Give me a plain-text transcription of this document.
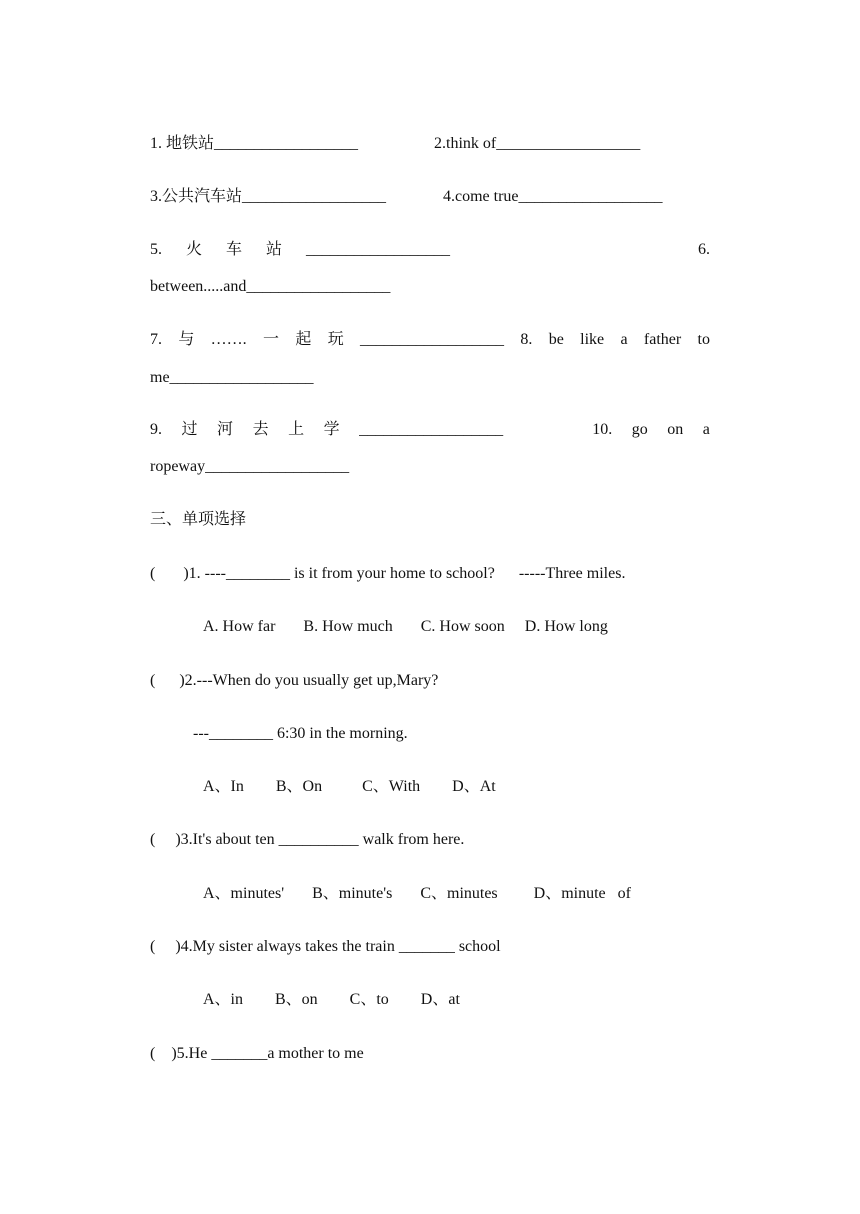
1. 地铁站__________________	2.think of__________________
3.公共汽车站__________________	4.come true__________________
5. 火 车 站 __________________	6.
between.....and__________________
7. 与 ……. 一 起 玩 __________________ 8. be like a father to
me__________________
9. 过 河 去 上 学 __________________	10. go on a
ropeway__________________
三、单项选择
(       )1. ----________ is it from your home to school?      -----Three miles.
A. How far       B. How much       C. How soon     D. How long
(      )2.---When do you usually get up,Mary?
---________ 6:30 in the morning.
A、In        B、On          C、With        D、At
(     )3.It's about ten __________ walk from here.
A、minutes'       B、minute's       C、minutes         D、minute   of
(     )4.My sister always takes the train _______ school
A、in        B、on        C、to        D、at
(    )5.He _______a mother to me
